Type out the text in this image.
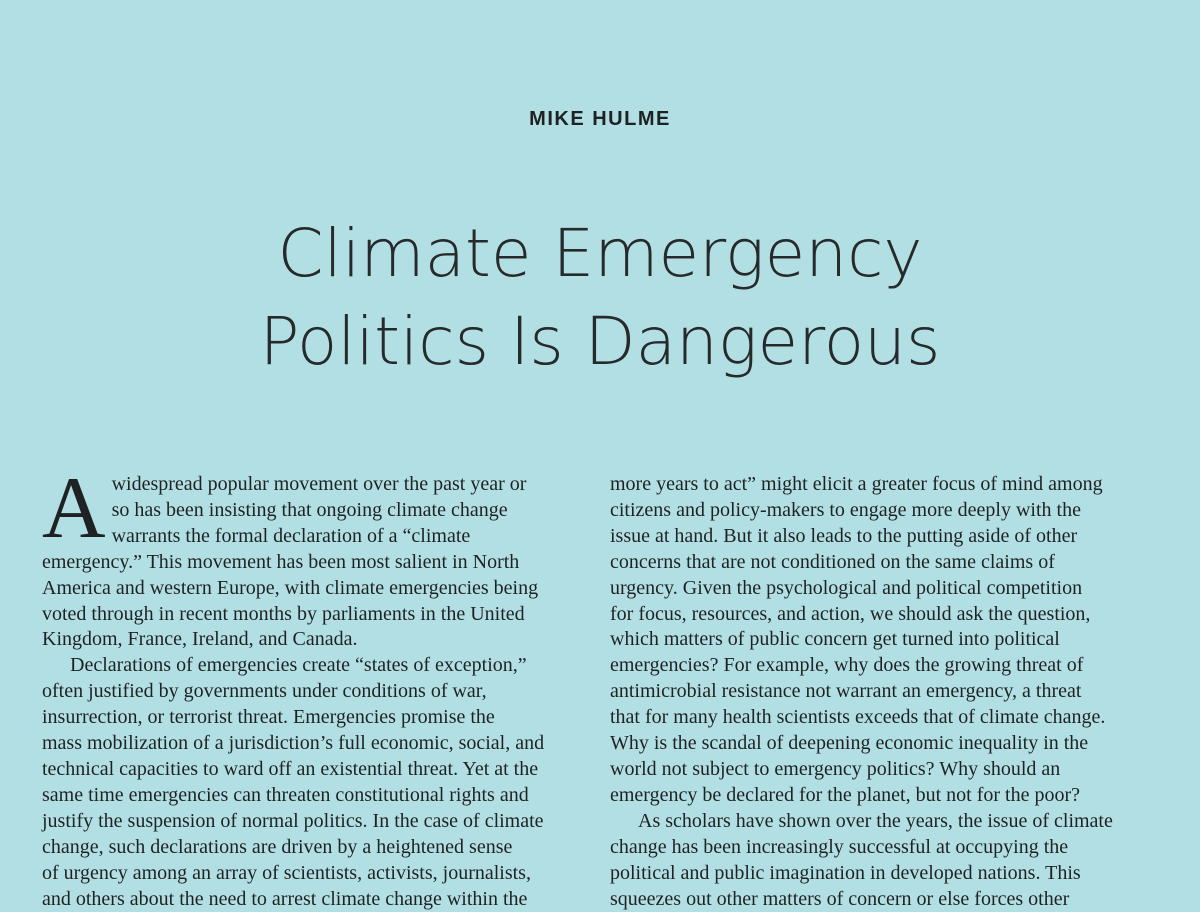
MIKE HULME
Climate Emergency
Politics Is Dangerous
A widespread popular movement over the past year or
so has been insisting that ongoing climate change
warrants the formal declaration of a “climate
emergency.” This movement has been most salient in North
America and western Europe, with climate emergencies being
voted through in recent months by parliaments in the United
Kingdom, France, Ireland, and Canada.
Declarations of emergencies create “states of exception,”
often justified by governments under conditions of war,
insurrection, or terrorist threat. Emergencies promise the
mass mobilization of a jurisdiction’s full economic, social, and
technical capacities to ward off an existential threat. Yet at the
same time emergencies can threaten constitutional rights and
justify the suspension of normal politics. In the case of climate
change, such declarations are driven by a heightened sense
of urgency among an array of scientists, activists, journalists,
and others about the need to arrest climate change within the
more years to act” might elicit a greater focus of mind among
citizens and policy-makers to engage more deeply with the
issue at hand. But it also leads to the putting aside of other
concerns that are not conditioned on the same claims of
urgency. Given the psychological and political competition
for focus, resources, and action, we should ask the question,
which matters of public concern get turned into political
emergencies? For example, why does the growing threat of
antimicrobial resistance not warrant an emergency, a threat
that for many health scientists exceeds that of climate change.
Why is the scandal of deepening economic inequality in the
world not subject to emergency politics? Why should an
emergency be declared for the planet, but not for the poor?
As scholars have shown over the years, the issue of climate
change has been increasingly successful at occupying the
political and public imagination in developed nations. This
squeezes out other matters of concern or else forces other
